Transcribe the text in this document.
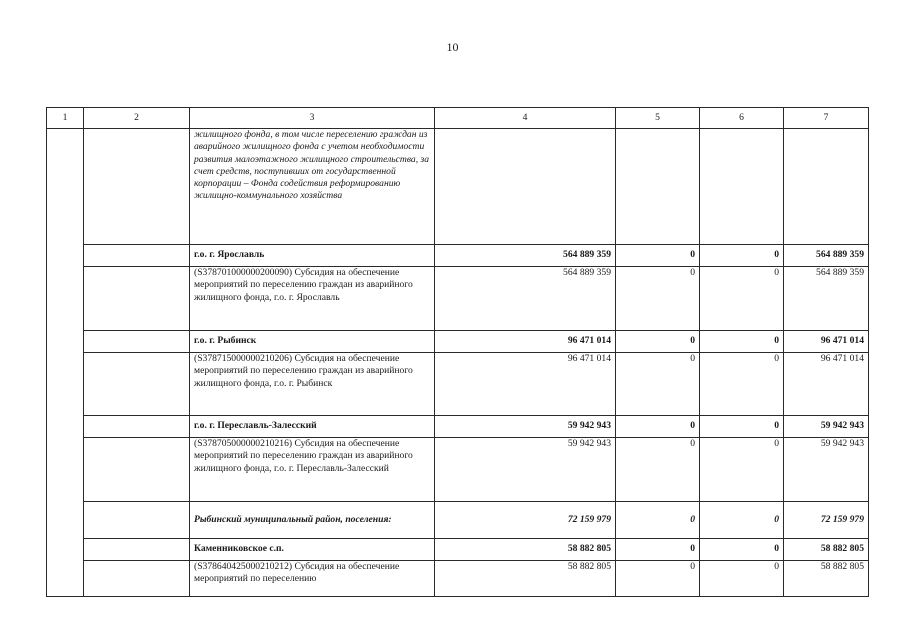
10
1	2	3	4	5	6	7
		жилищного фонда, в том числе переселению граждан из аварийного жилищного фонда с учетом необходимости развития малоэтажного жилищного строительства, за счет средств, поступивших от государственной корпорации – Фонда содействия реформированию жилищно-коммунального хозяйства				
		г.о. г. Ярославль	564 889 359	0	0	564 889 359
		(S378701000000200090) Субсидия на обеспечение мероприятий по переселению граждан из аварийного жилищного фонда, г.о. г. Ярославль	564 889 359	0	0	564 889 359
		г.о. г. Рыбинск	96 471 014	0	0	96 471 014
		(S378715000000210206) Субсидия на обеспечение мероприятий по переселению граждан из аварийного жилищного фонда, г.о. г. Рыбинск	96 471 014	0	0	96 471 014
		г.о. г. Переславль-Залесский	59 942 943	0	0	59 942 943
		(S378705000000210216) Субсидия на обеспечение мероприятий по переселению граждан из аварийного жилищного фонда, г.о. г. Переславль-Залесский	59 942 943	0	0	59 942 943
		Рыбинский муниципальный район, поселения:	72 159 979	0	0	72 159 979
		Каменниковское с.п.	58 882 805	0	0	58 882 805
		(S378640425000210212) Субсидия на обеспечение мероприятий по переселению	58 882 805	0	0	58 882 805
